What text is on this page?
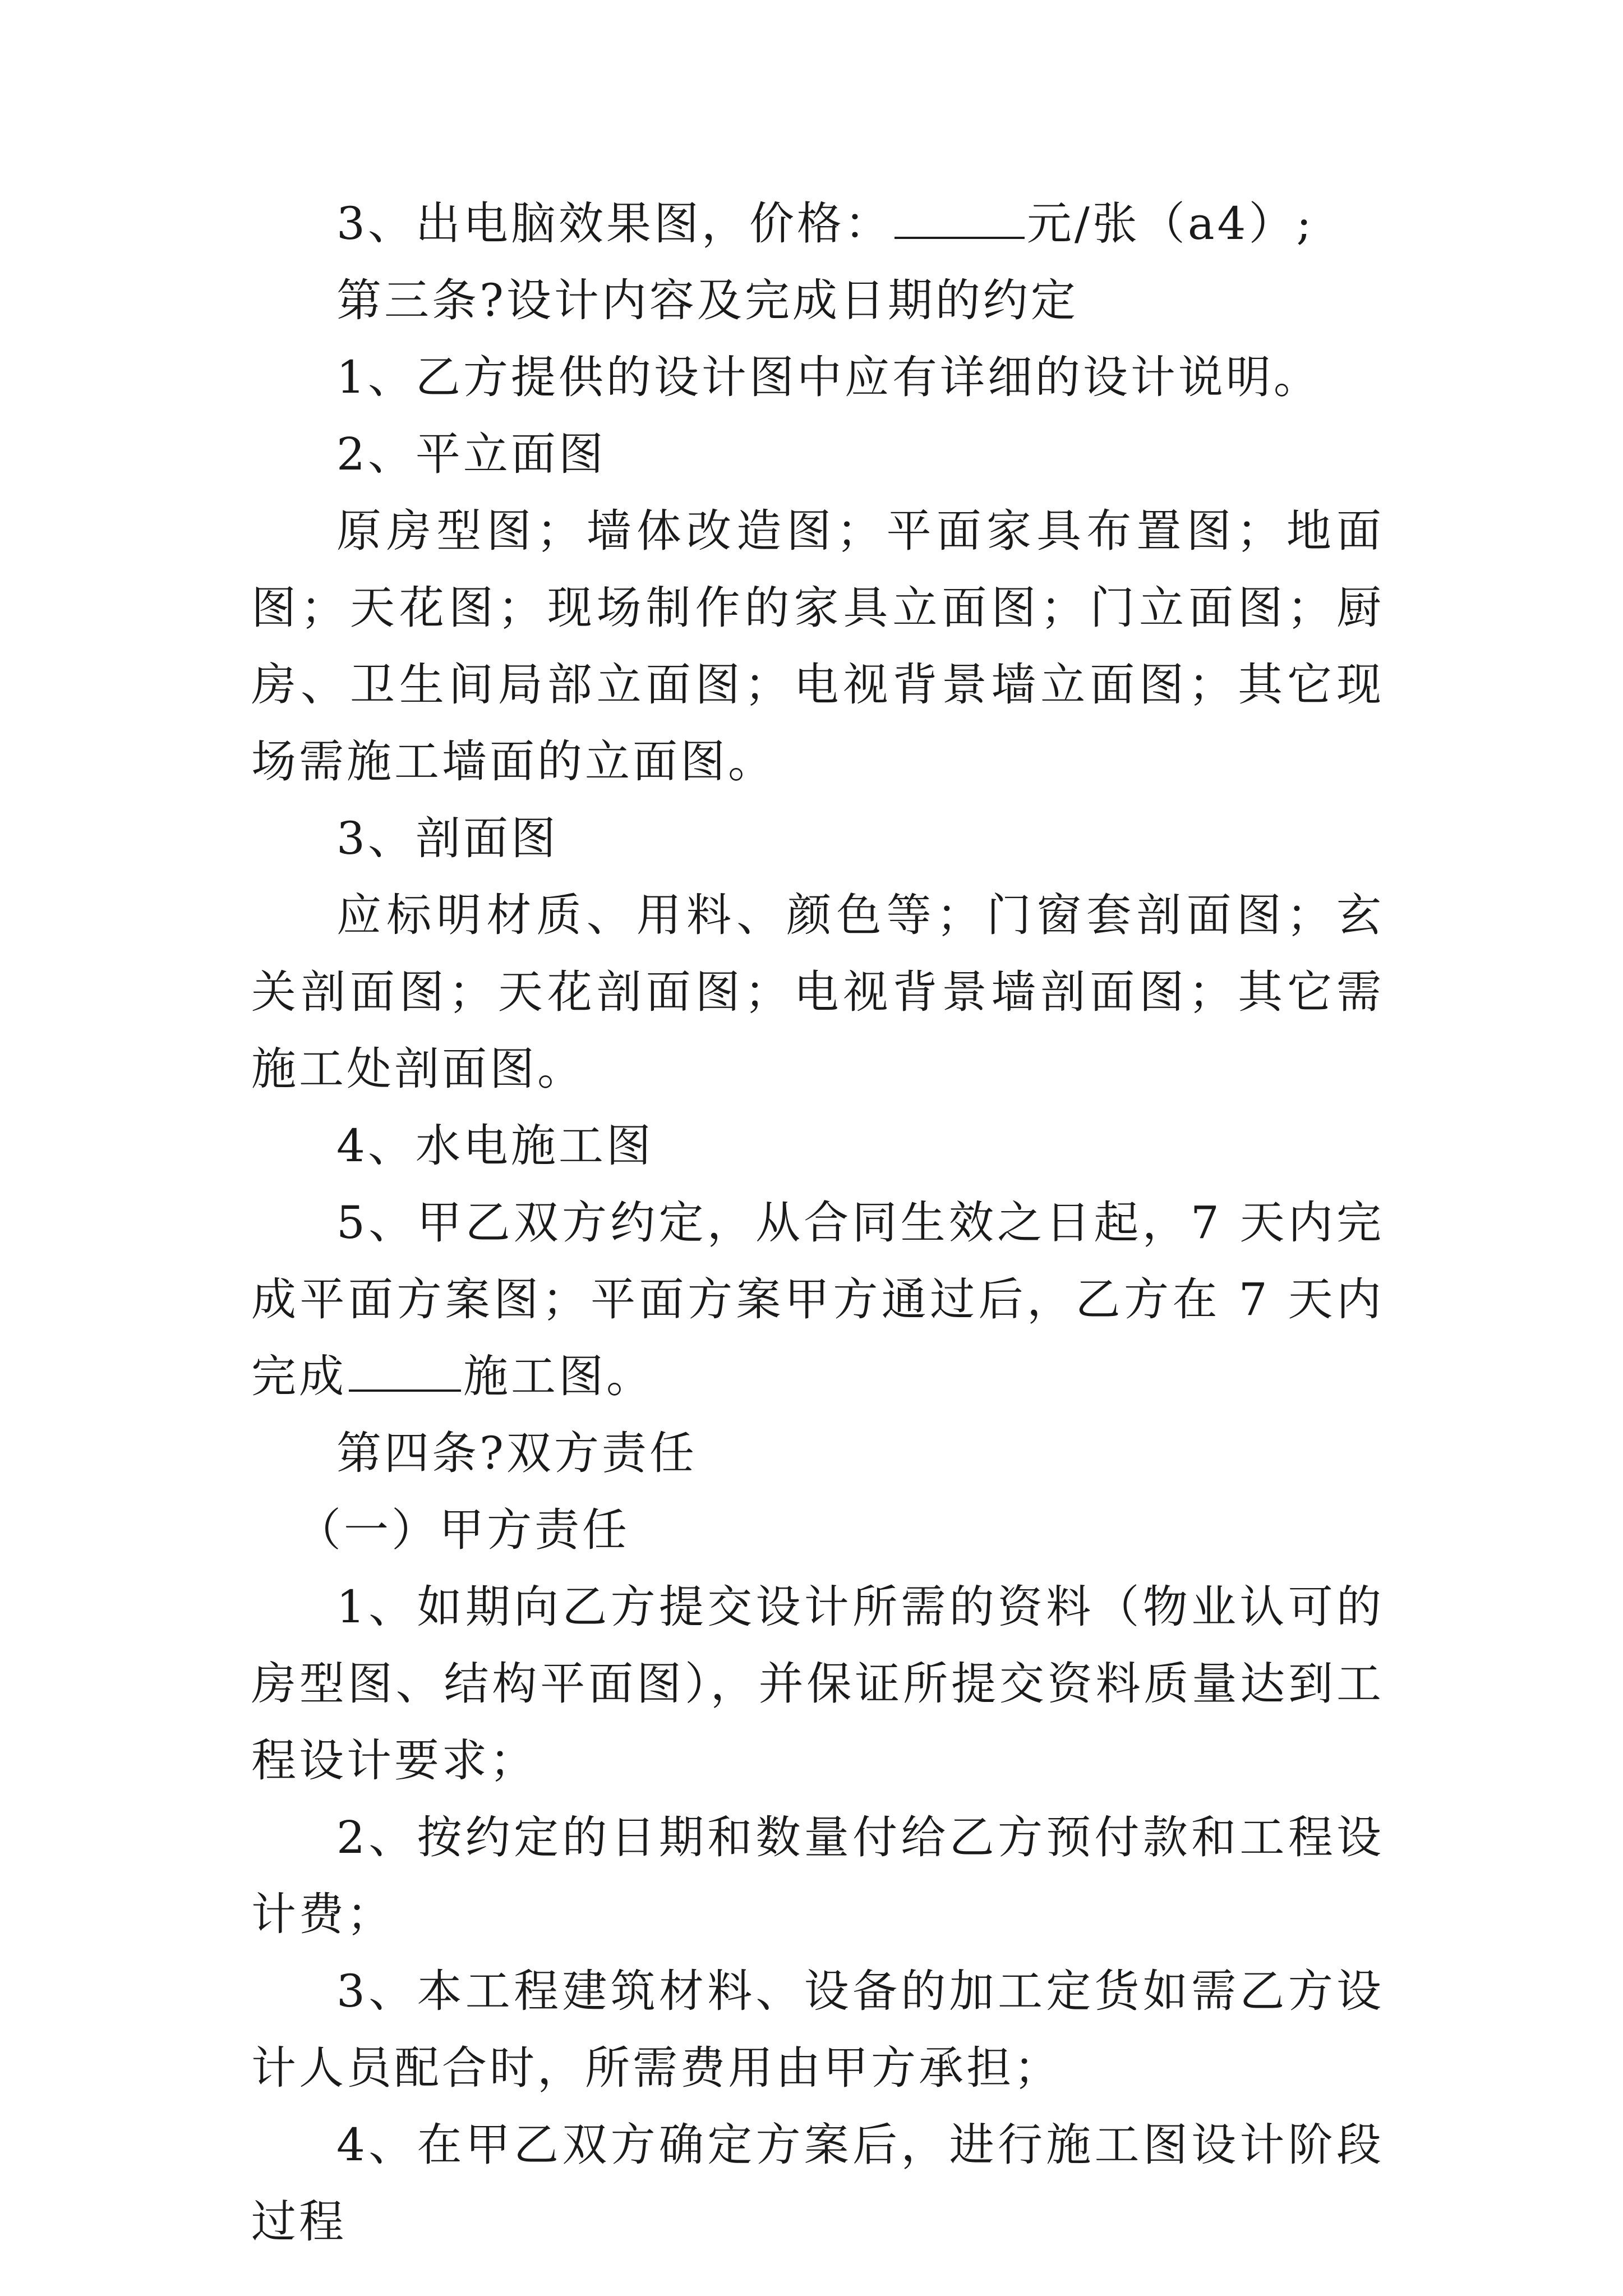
3、出电脑效果图，价格：	元/张（a4）;

第三条?设计内容及完成日期的约定

1、乙方提供的设计图中应有详细的设计说明。

2、平立面图

原房型图；墙体改造图；平面家具布置图；地面图；天花图；现场制作的家具立面图；门立面图；厨房、卫生间局部立面图；电视背景墙立面图；其它现场需施工墙面的立面图。

3、剖面图

应标明材质、用料、颜色等；门窗套剖面图；玄关剖面图；天花剖面图；电视背景墙剖面图；其它需施工处剖面图。

4、水电施工图

5、甲乙双方约定，从合同生效之日起，7 天内完成平面方案图；平面方案甲方通过后，乙方在 7 天内完成	施工图。

第四条?双方责任

（一）甲方责任

1、如期向乙方提交设计所需的资料（物业认可的房型图、结构平面图），并保证所提交资料质量达到工程设计要求；

2、按约定的日期和数量付给乙方预付款和工程设计费；

3、本工程建筑材料、设备的加工定货如需乙方设计人员配合时，所需费用由甲方承担；

4、在甲乙双方确定方案后，进行施工图设计阶段过程
